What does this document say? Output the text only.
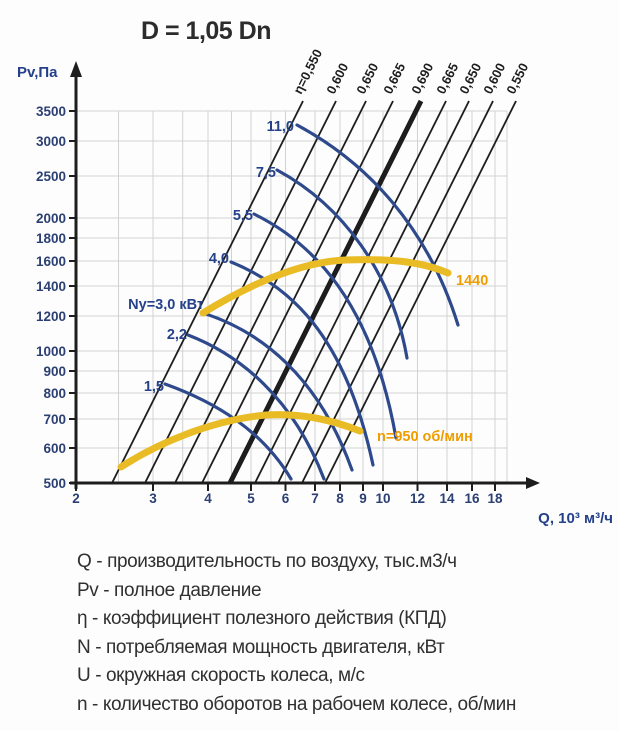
D = 1,05 Dn
η=0,550
0,600 0,650 0,665 0,690
0,665
0,650
0,600
0,550
1,5
2,2
Ny=3,0 кВт
4,0
5,5
7,5
11,0
1440
n=950 об/мин
3500
3000
2500
2000
1800
1600
1400
1200
1000
900
800
700
600
500
2	3	4	5 6 7 8 9 10 12 14 16 18
Pv,Па
Q, 10³ м³/ч
Q - производительность по воздуху, тыс.м3/ч
Pv - полное давление
η - коэффициент полезного действия (КПД)
N - потребляемая мощность двигателя, кВт
U - окружная скорость колеса, м/с
n - количество оборотов на рабочем колесе, об/мин
